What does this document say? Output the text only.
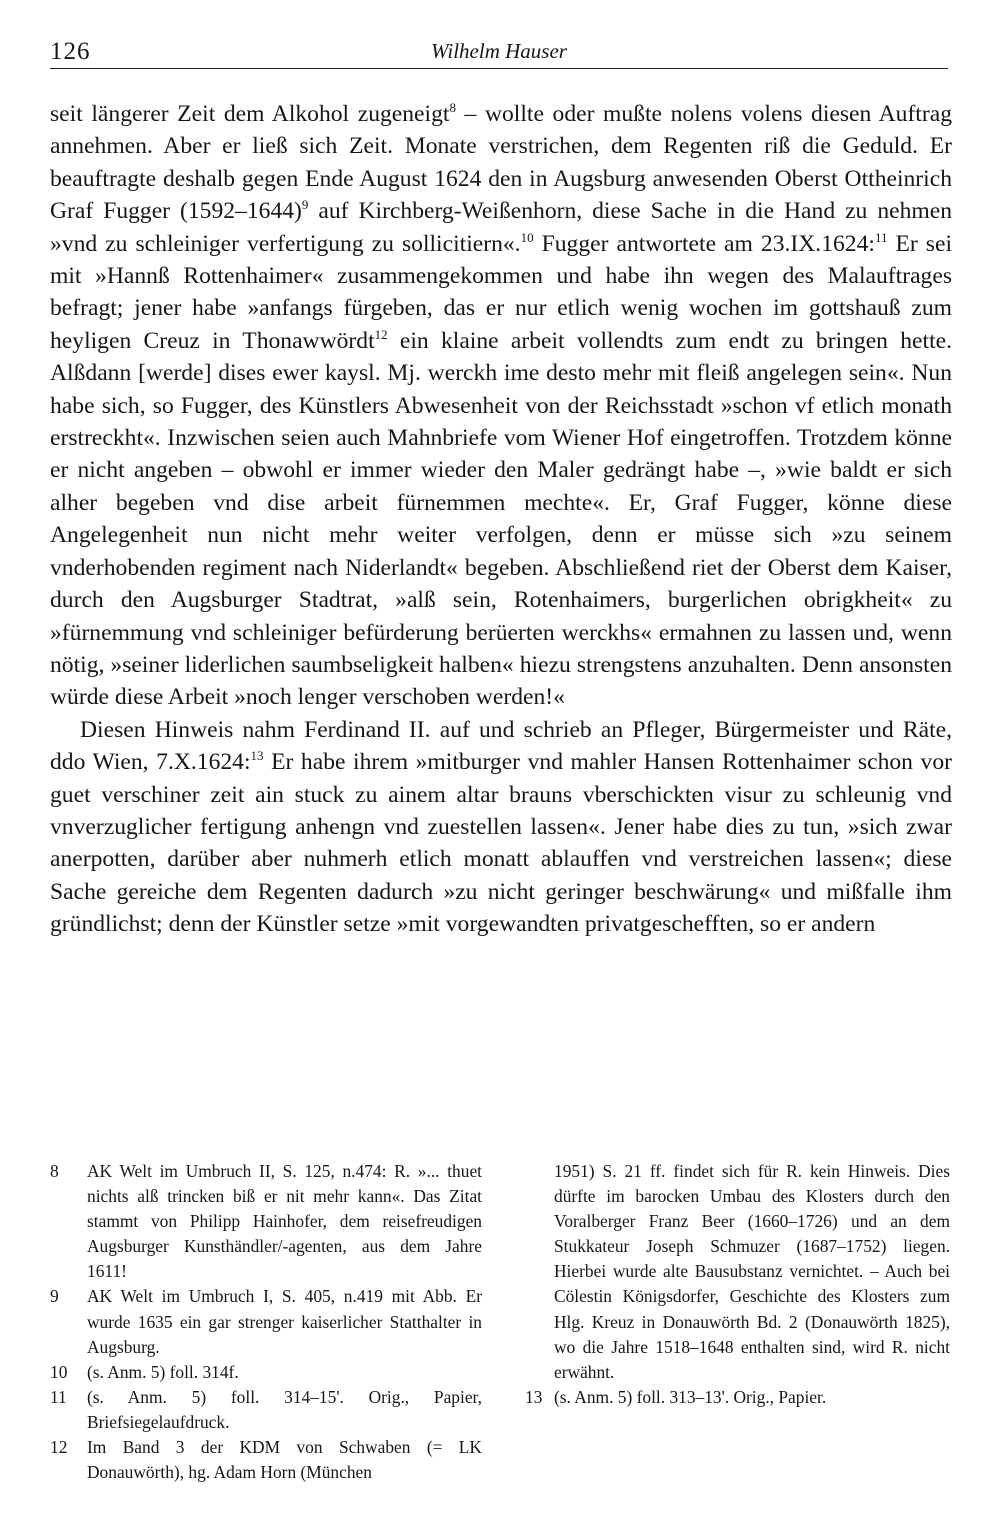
126	Wilhelm Hauser

seit längerer Zeit dem Alkohol zugeneigt$^8$ – wollte oder mußte nolens volens diesen Auftrag annehmen. Aber er ließ sich Zeit. Monate verstrichen, dem Regenten riß die Geduld. Er beauftragte deshalb gegen Ende August 1624 den in Augsburg anwesenden Oberst Ottheinrich Graf Fugger (1592–1644)$^9$ auf Kirchberg-Weißenhorn, diese Sache in die Hand zu nehmen »vnd zu schleiniger verfertigung zu sollicitiern«.$^{10}$ Fugger antwortete am 23.IX.1624:$^{11}$ Er sei mit »Hannß Rottenhaimer« zusammengekommen und habe ihn wegen des Malauftrages befragt; jener habe »anfangs fürgeben, das er nur etlich wenig wochen im gottshauß zum heyligen Creuz in Thonawwördt$^{12}$ ein klaine arbeit vollendts zum endt zu bringen hette. Alßdann [werde] dises ewer kaysl. Mj. werckh ime desto mehr mit fleiß angelegen sein«. Nun habe sich, so Fugger, des Künstlers Abwesenheit von der Reichsstadt »schon vf etlich monath erstreckht«. Inzwischen seien auch Mahnbriefe vom Wiener Hof eingetroffen. Trotzdem könne er nicht angeben – obwohl er immer wieder den Maler gedrängt habe –, »wie baldt er sich alher begeben vnd dise arbeit fürnemmen mechte«. Er, Graf Fugger, könne diese Angelegenheit nun nicht mehr weiter verfolgen, denn er müsse sich »zu seinem vnderhobenden regiment nach Niderlandt« begeben. Abschließend riet der Oberst dem Kaiser, durch den Augsburger Stadtrat, »alß sein, Rotenhaimers, burgerlichen obrigkheit« zu »fürnemmung vnd schleiniger befürderung berüerten werckhs« ermahnen zu lassen und, wenn nötig, »seiner liderlichen saumbseligkeit halben« hiezu strengstens anzuhalten. Denn ansonsten würde diese Arbeit »noch lenger verschoben werden!«

Diesen Hinweis nahm Ferdinand II. auf und schrieb an Pfleger, Bürgermeister und Räte, ddo Wien, 7.X.1624:$^{13}$ Er habe ihrem »mitburger vnd mahler Hansen Rottenhaimer schon vor guet verschiner zeit ain stuck zu ainem altar brauns vberschickten visur zu schleunig vnd vnverzuglicher fertigung anhengn vnd zuestellen lassen«. Jener habe dies zu tun, »sich zwar anerpotten, darüber aber nuhmerh etlich monatt ablauffen vnd verstreichen lassen«; diese Sache gereiche dem Regenten dadurch »zu nicht geringer beschwärung« und mißfalle ihm gründlichst; denn der Künstler setze »mit vorgewandten privatgeschefften, so er andern

8 AK Welt im Umbruch II, S. 125, n.474: R. »... thuet nichts alß trincken biß er nit mehr kann«. Das Zitat stammt von Philipp Hainhofer, dem reisefreudigen Augsburger Kunsthändler/-agenten, aus dem Jahre 1611!
9 AK Welt im Umbruch I, S. 405, n.419 mit Abb. Er wurde 1635 ein gar strenger kaiserlicher Statthalter in Augsburg.
10 (s. Anm. 5) foll. 314f.
11 (s. Anm. 5) foll. 314–15'. Orig., Papier, Briefsiegelaufdruck.
12 Im Band 3 der KDM von Schwaben (= LK Donauwörth), hg. Adam Horn (München

1951) S. 21 ff. findet sich für R. kein Hinweis. Dies dürfte im barocken Umbau des Klosters durch den Voralberger Franz Beer (1660–1726) und an dem Stukkateur Joseph Schmuzer (1687–1752) liegen. Hierbei wurde alte Bausubstanz vernichtet. – Auch bei Cölestin Königsdorfer, Geschichte des Klosters zum Hlg. Kreuz in Donauwörth Bd. 2 (Donauwörth 1825), wo die Jahre 1518–1648 enthalten sind, wird R. nicht erwähnt.

13 (s. Anm. 5) foll. 313–13'. Orig., Papier.
